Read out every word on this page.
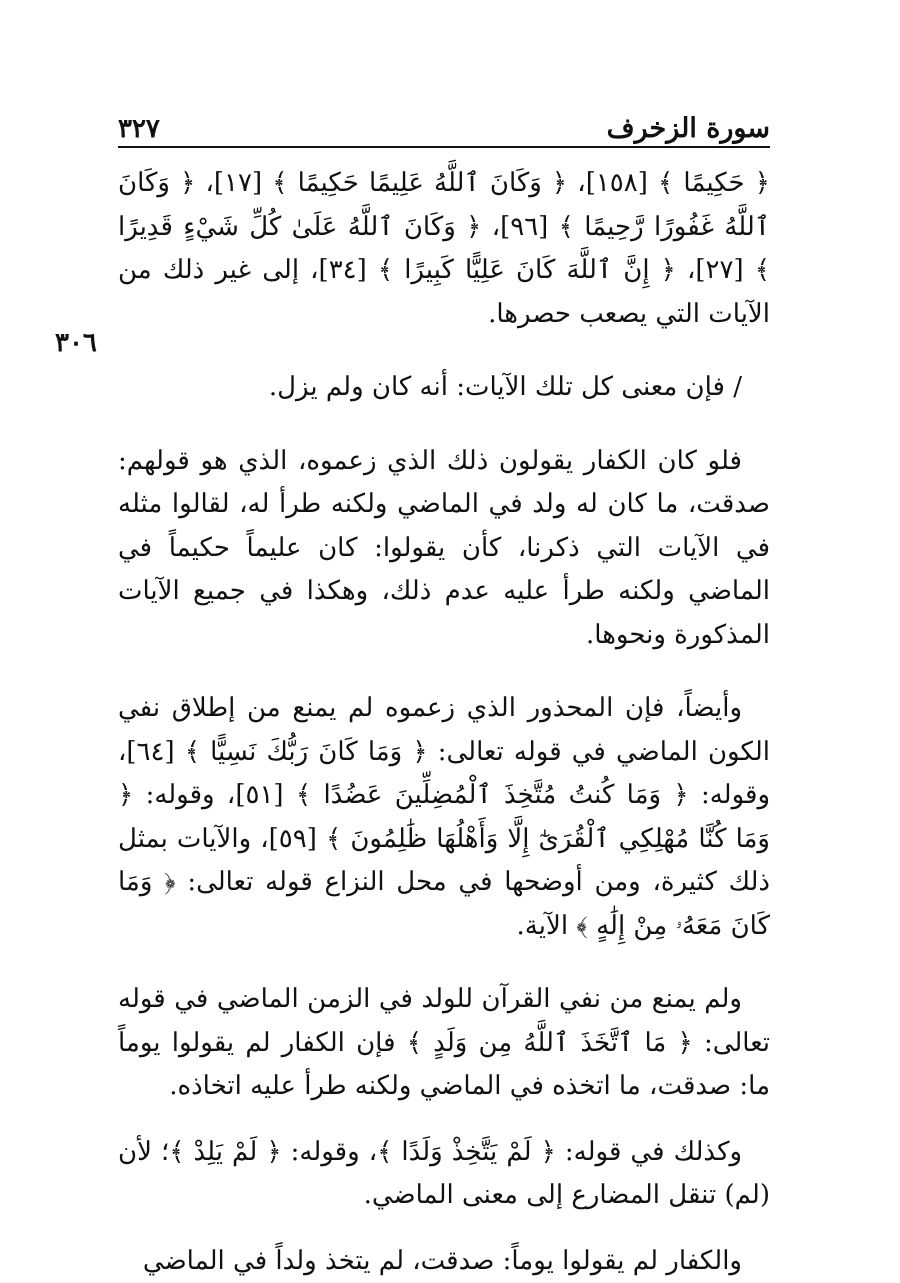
سورة الزخرف
٣٢٧
٣٠٦

﴿ حَكِيمًا ﴾ [١٥٨]، ﴿ وَكَانَ ٱللَّهُ عَلِيمًا حَكِيمًا ﴾ [١٧]، ﴿ وَكَانَ ٱللَّهُ غَفُورًا رَّحِيمًا ﴾ [٩٦]، ﴿ وَكَانَ ٱللَّهُ عَلَىٰ كُلِّ شَيْءٍ قَدِيرًا ﴾ [٢٧]، ﴿ إِنَّ ٱللَّهَ كَانَ عَلِيًّا كَبِيرًا ﴾ [٣٤]، إلى غير ذلك من الآيات التي يصعب حصرها.

/ فإن معنى كل تلك الآيات: أنه كان ولم يزل.

فلو كان الكفار يقولون ذلك الذي زعموه، الذي هو قولهم: صدقت، ما كان له ولد في الماضي ولكنه طرأ له، لقالوا مثله في الآيات التي ذكرنا، كأن يقولوا: كان عليماً حكيماً في الماضي ولكنه طرأ عليه عدم ذلك، وهكذا في جميع الآيات المذكورة ونحوها.

وأيضاً، فإن المحذور الذي زعموه لم يمنع من إطلاق نفي الكون الماضي في قوله تعالى: ﴿ وَمَا كَانَ رَبُّكَ نَسِيًّا ﴾ [٦٤]، وقوله: ﴿ وَمَا كُنتُ مُتَّخِذَ ٱلْمُضِلِّينَ عَضُدًا ﴾ [٥١]، وقوله: ﴿ وَمَا كُنَّا مُهْلِكِي ٱلْقُرَىٰٓ إِلَّا وَأَهْلُهَا ظَٰلِمُونَ ﴾ [٥٩]، والآيات بمثل ذلك كثيرة، ومن أوضحها في محل النزاع قوله تعالى: ﴿ وَمَا كَانَ مَعَهُۥ مِنْ إِلَٰهٍ ﴾ الآية.

ولم يمنع من نفي القرآن للولد في الزمن الماضي في قوله تعالى: ﴿ مَا ٱتَّخَذَ ٱللَّهُ مِن وَلَدٍ ﴾ فإن الكفار لم يقولوا يوماً ما: صدقت، ما اتخذه في الماضي ولكنه طرأ عليه اتخاذه.

وكذلك في قوله: ﴿ لَمْ يَتَّخِذْ وَلَدًا ﴾، وقوله: ﴿ لَمْ يَلِدْ ﴾؛ لأن (لم) تنقل المضارع إلى معنى الماضي.

والكفار لم يقولوا يوماً: صدقت، لم يتخذ ولداً في الماضي
